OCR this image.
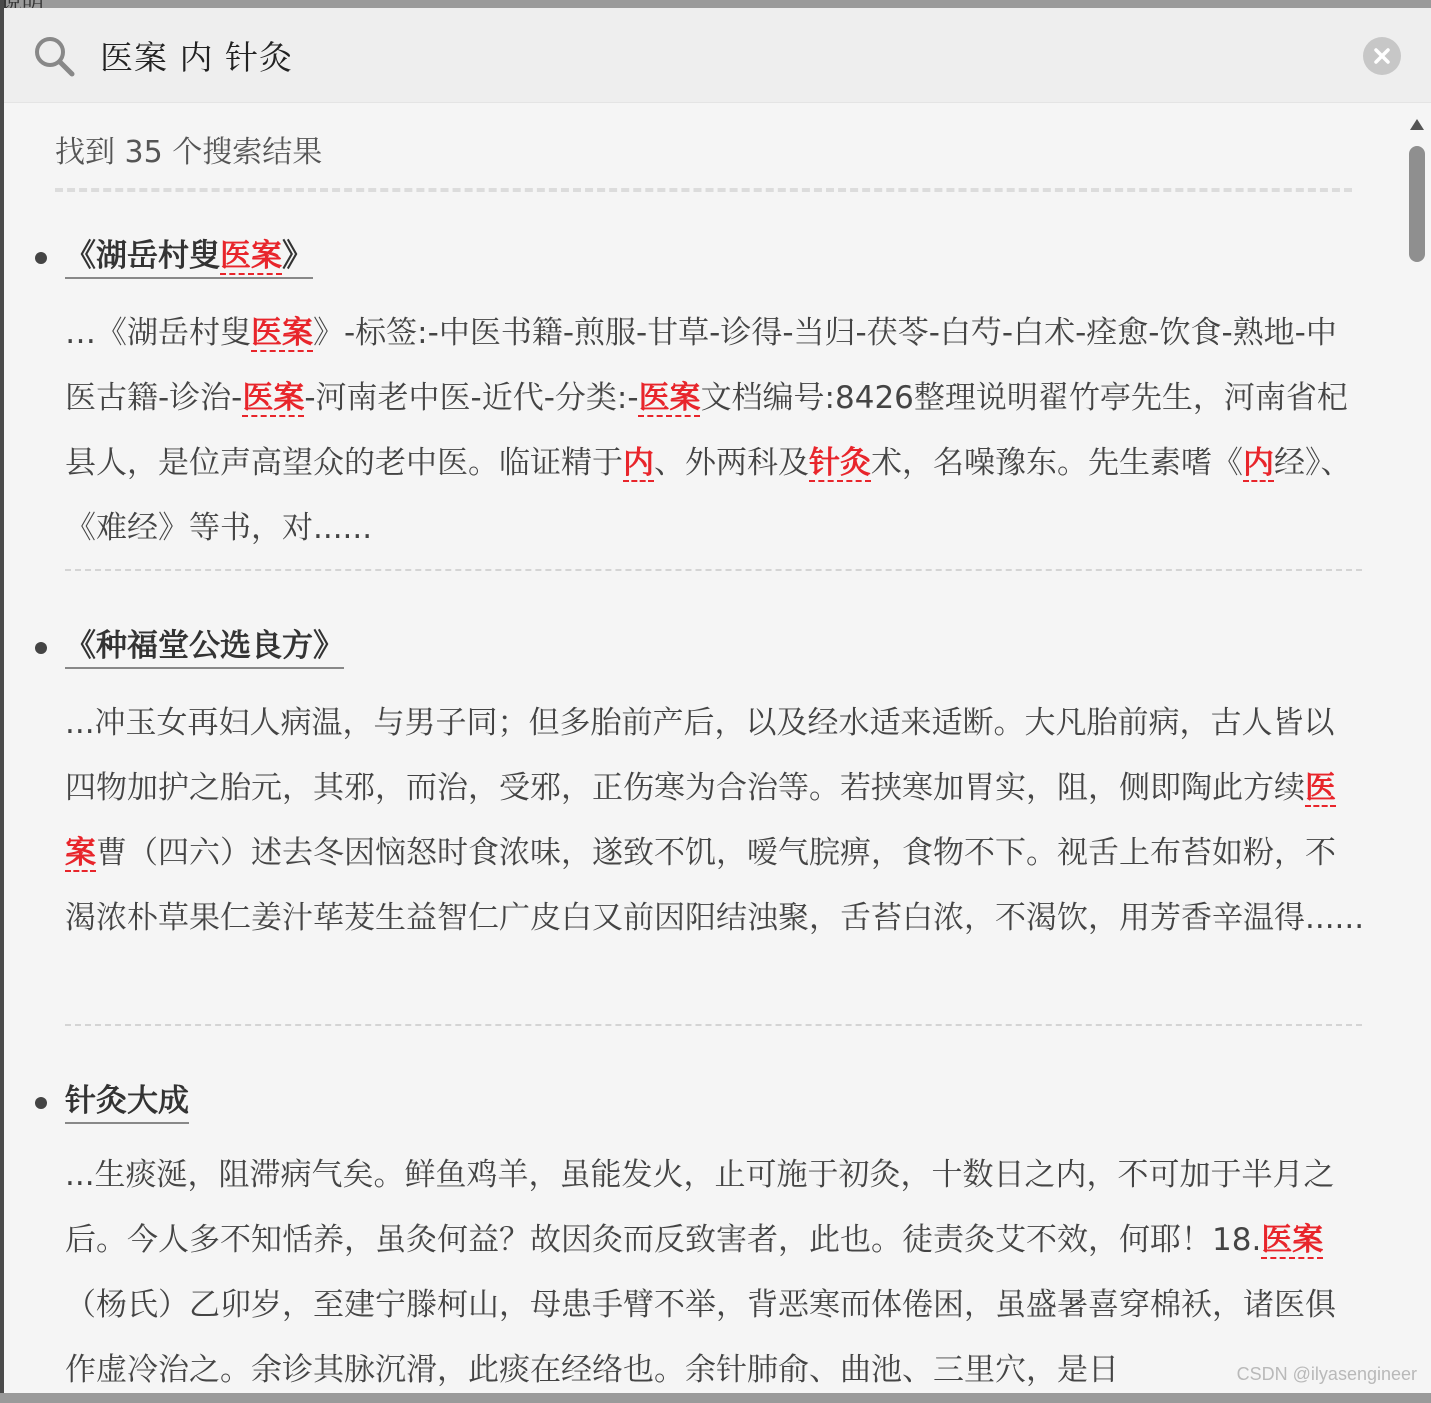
医案 内 针灸
找到 35 个搜索结果
《湖岳村叟医案》
…《湖岳村叟医案》-标签:-中医书籍-煎服-甘草-诊得-当归-茯苓-白芍-白术-痊愈-饮食-熟地-中医古籍-诊治-医案-河南老中医-近代-分类:-医案文档编号:8426整理说明翟竹亭先生，河南省杞县人，是位声高望众的老中医。临证精于内、外两科及针灸术，名噪豫东。先生素嗜《内经》、《难经》等书，对......
《种福堂公选良方》
...冲玉女再妇人病温，与男子同；但多胎前产后，以及经水适来适断。大凡胎前病，古人皆以四物加护之胎元，其邪，而治，受邪，正伤寒为合治等。若挟寒加胃实，阻，侧即陶此方续医案曹（四六）述去冬因恼怒时食浓味，遂致不饥，嗳气脘痹，食物不下。视舌上布苔如粉，不渴浓朴草果仁姜汁荜茇生益智仁广皮白又前因阳结浊聚，舌苔白浓，不渴饮，用芳香辛温得......
针灸大成
...生痰涎，阻滞病气矣。鲜鱼鸡羊，虽能发火，止可施于初灸，十数日之内，不可加于半月之后。今人多不知恬养，虽灸何益？故因灸而反致害者，此也。徒责灸艾不效，何耶！18.医案（杨氏）乙卯岁，至建宁滕柯山，母患手臂不举，背恶寒而体倦困，虽盛暑喜穿棉袄，诸医俱作虚冷治之。余诊其脉沉滑，此痰在经络也。余针肺俞、曲池、三里穴，是日	CSDN @ilyasengineer
